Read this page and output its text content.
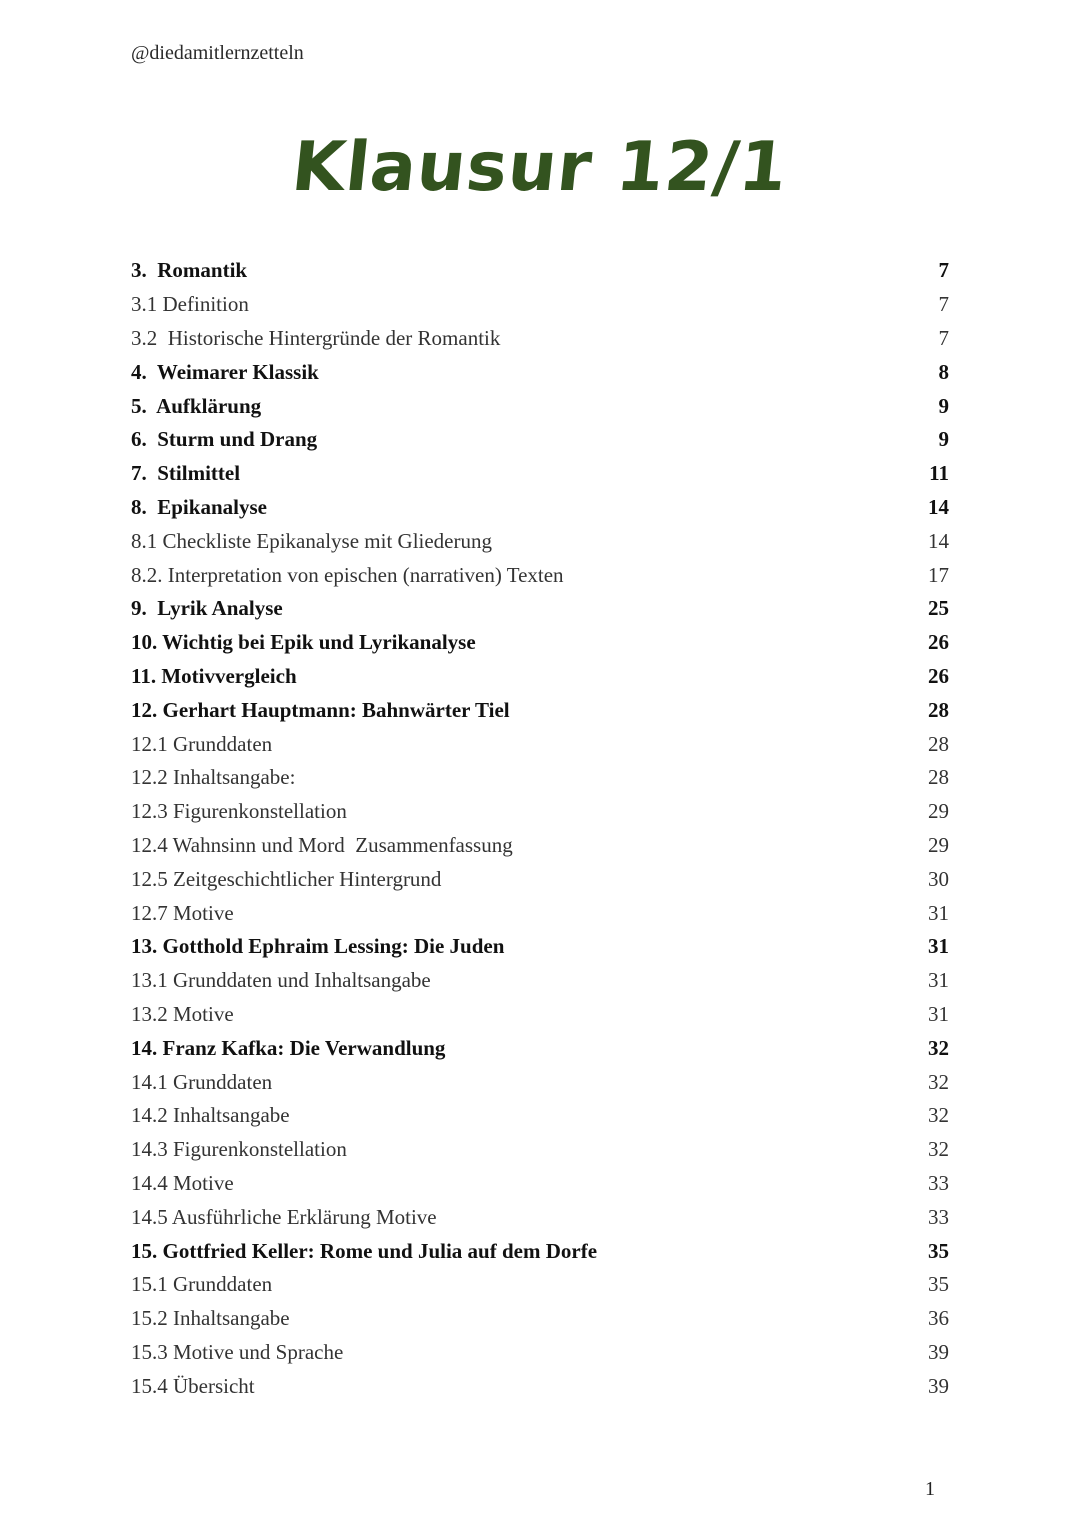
@diedamitlernzetteln
Klausur 12/1
3.  Romantik	7
3.1 Definition	7
3.2  Historische Hintergründe der Romantik	7
4.  Weimarer Klassik	8
5.  Aufklärung	9
6.  Sturm und Drang	9
7.  Stilmittel	11
8.  Epikanalyse	14
8.1 Checkliste Epikanalyse mit Gliederung	14
8.2. Interpretation von epischen (narrativen) Texten	17
9.  Lyrik Analyse	25
10. Wichtig bei Epik und Lyrikanalyse	26
11. Motivvergleich	26
12. Gerhart Hauptmann: Bahnwärter Tiel	28
12.1 Grunddaten	28
12.2 Inhaltsangabe:	28
12.3 Figurenkonstellation	29
12.4 Wahnsinn und Mord  Zusammenfassung	29
12.5 Zeitgeschichtlicher Hintergrund	30
12.7 Motive	31
13. Gotthold Ephraim Lessing: Die Juden	31
13.1 Grunddaten und Inhaltsangabe	31
13.2 Motive	31
14. Franz Kafka: Die Verwandlung	32
14.1 Grunddaten	32
14.2 Inhaltsangabe	32
14.3 Figurenkonstellation	32
14.4 Motive	33
14.5 Ausführliche Erklärung Motive	33
15. Gottfried Keller: Rome und Julia auf dem Dorfe	35
15.1 Grunddaten	35
15.2 Inhaltsangabe	36
15.3 Motive und Sprache	39
15.4 Übersicht	39
1
